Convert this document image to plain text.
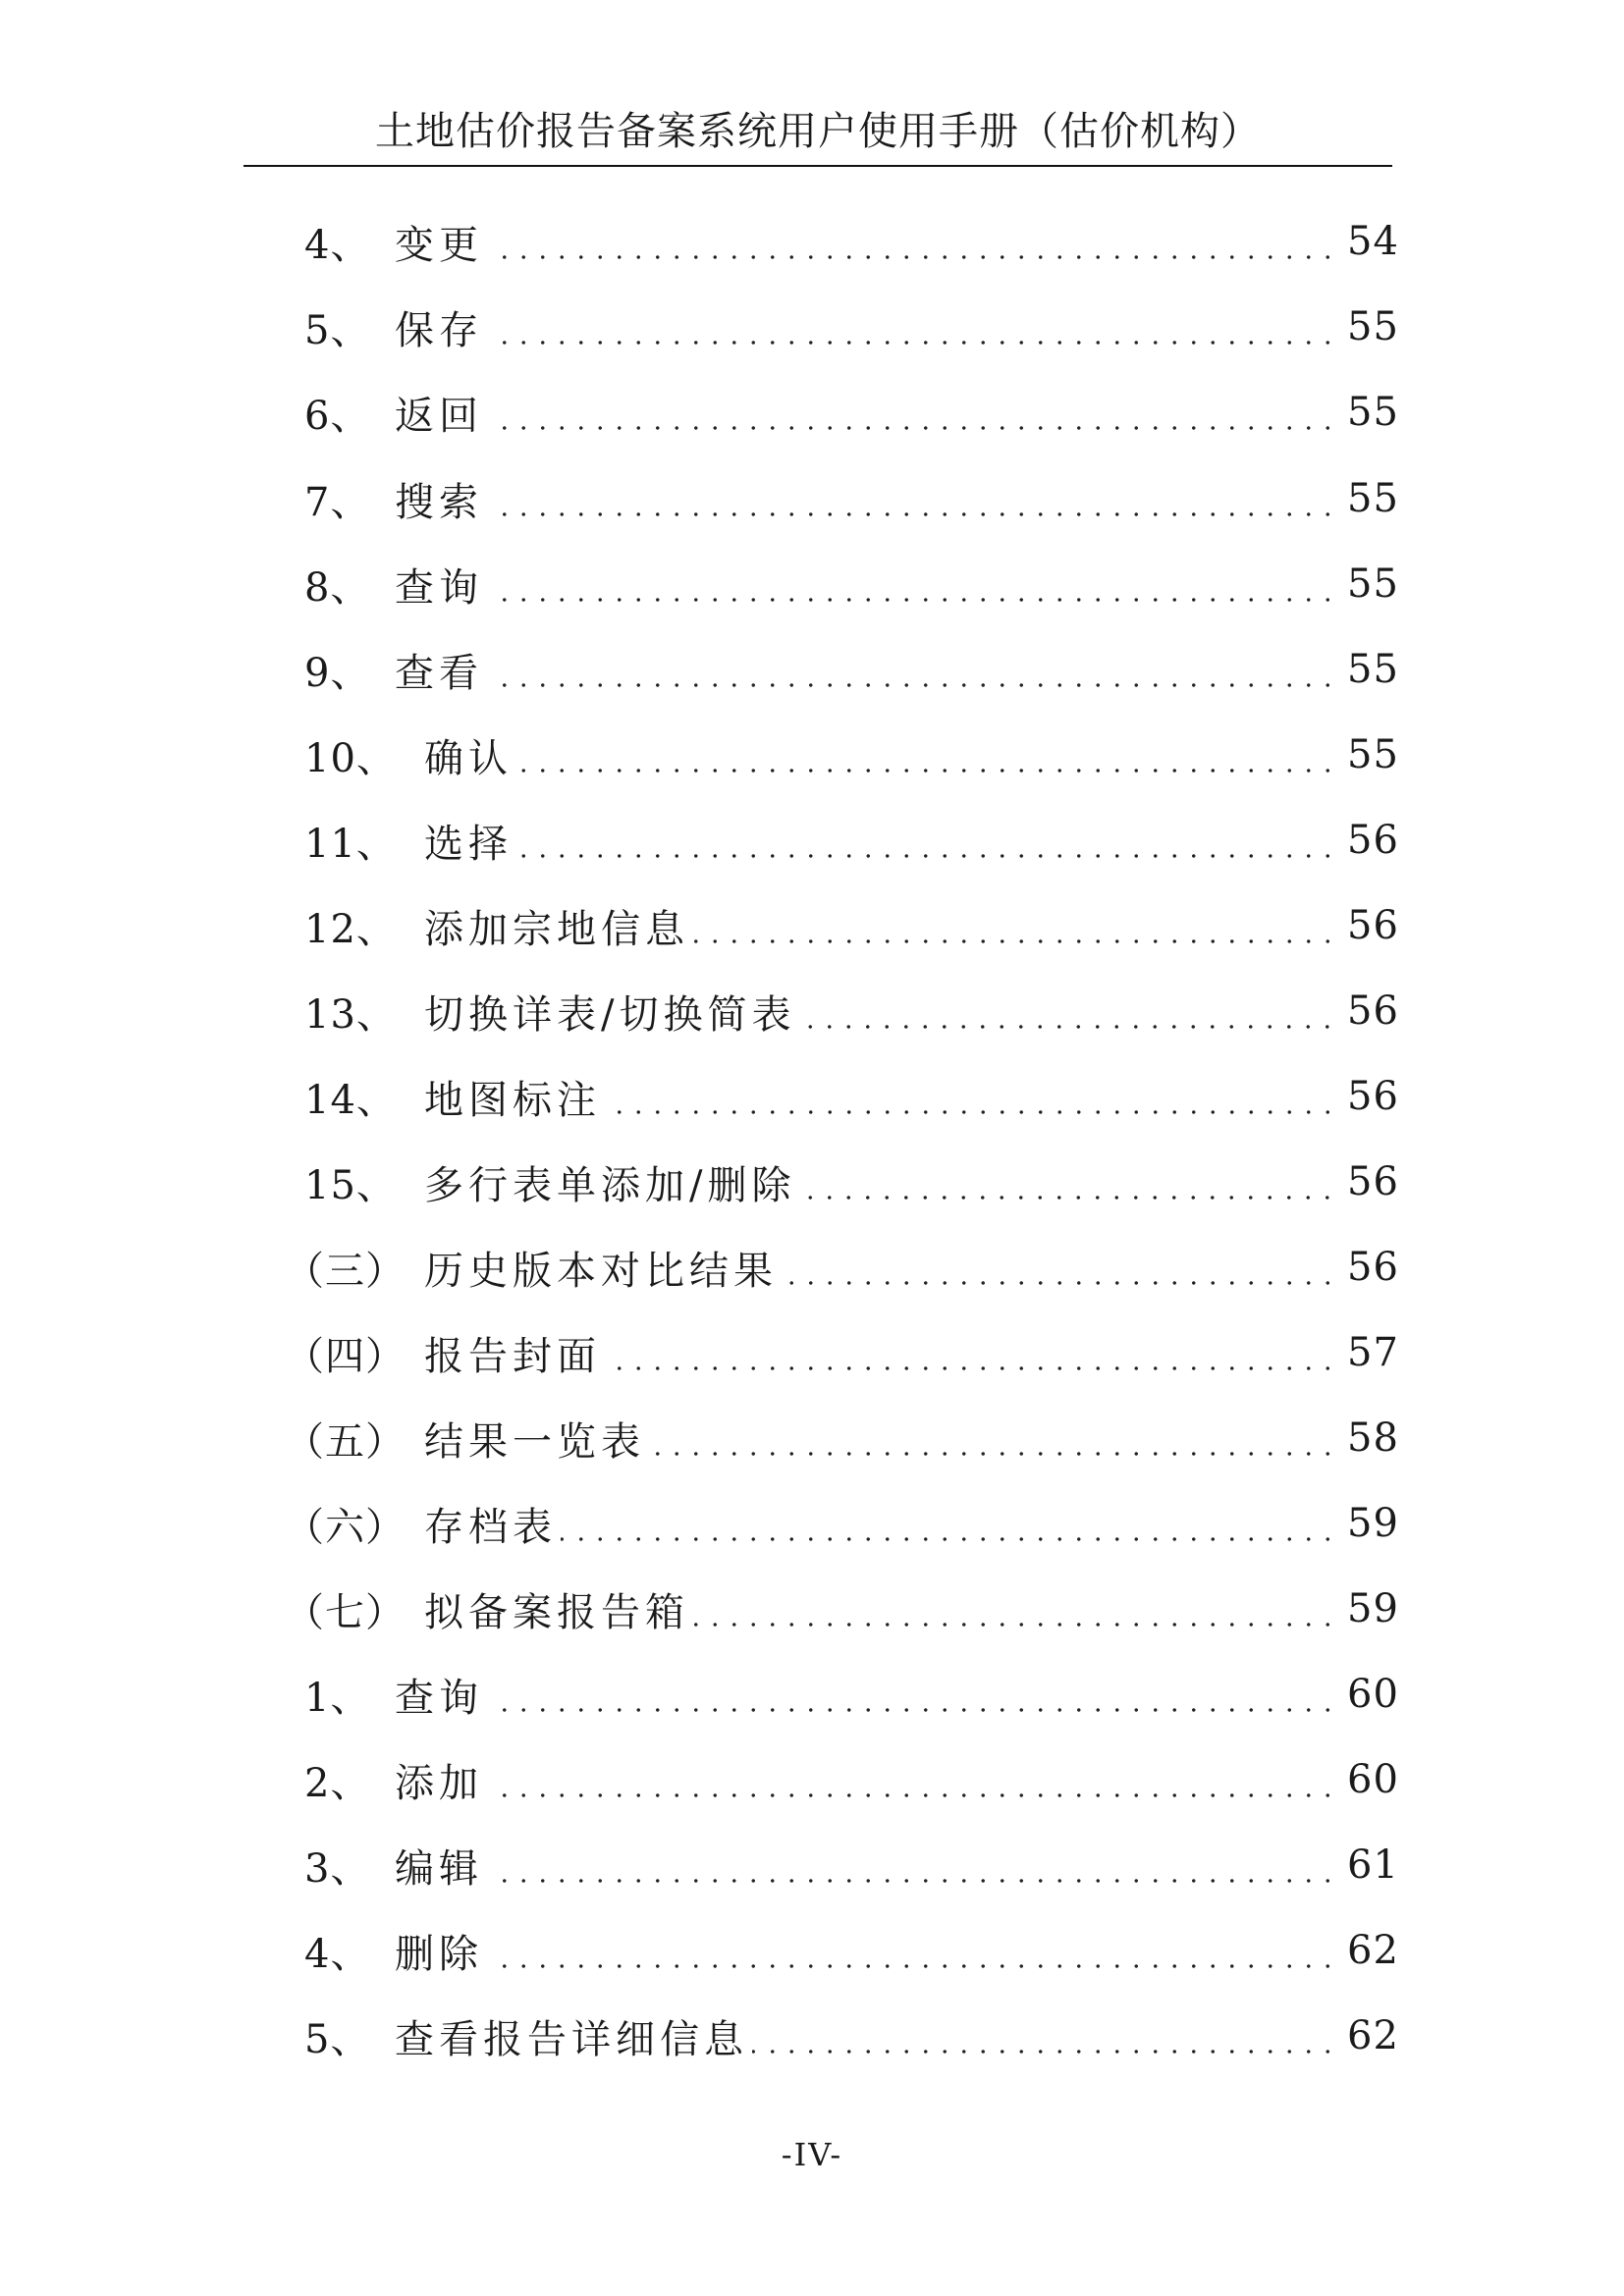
土地估价报告备案系统用户使用手册（估价机构）
4、 变更	54
5、 保存	55
6、 返回	55
7、 搜索	55
8、 查询	55
9、 查看	55
10、 确认	55
11、 选择	56
12、 添加宗地信息	56
13、 切换详表/切换简表	56
14、 地图标注	56
15、 多行表单添加/删除	56
（三） 历史版本对比结果	56
（四） 报告封面	57
（五） 结果一览表	58
（六） 存档表	59
（七） 拟备案报告箱	59
1、 查询	60
2、 添加	60
3、 编辑	61
4、 删除	62
5、 查看报告详细信息	62
-IV-
